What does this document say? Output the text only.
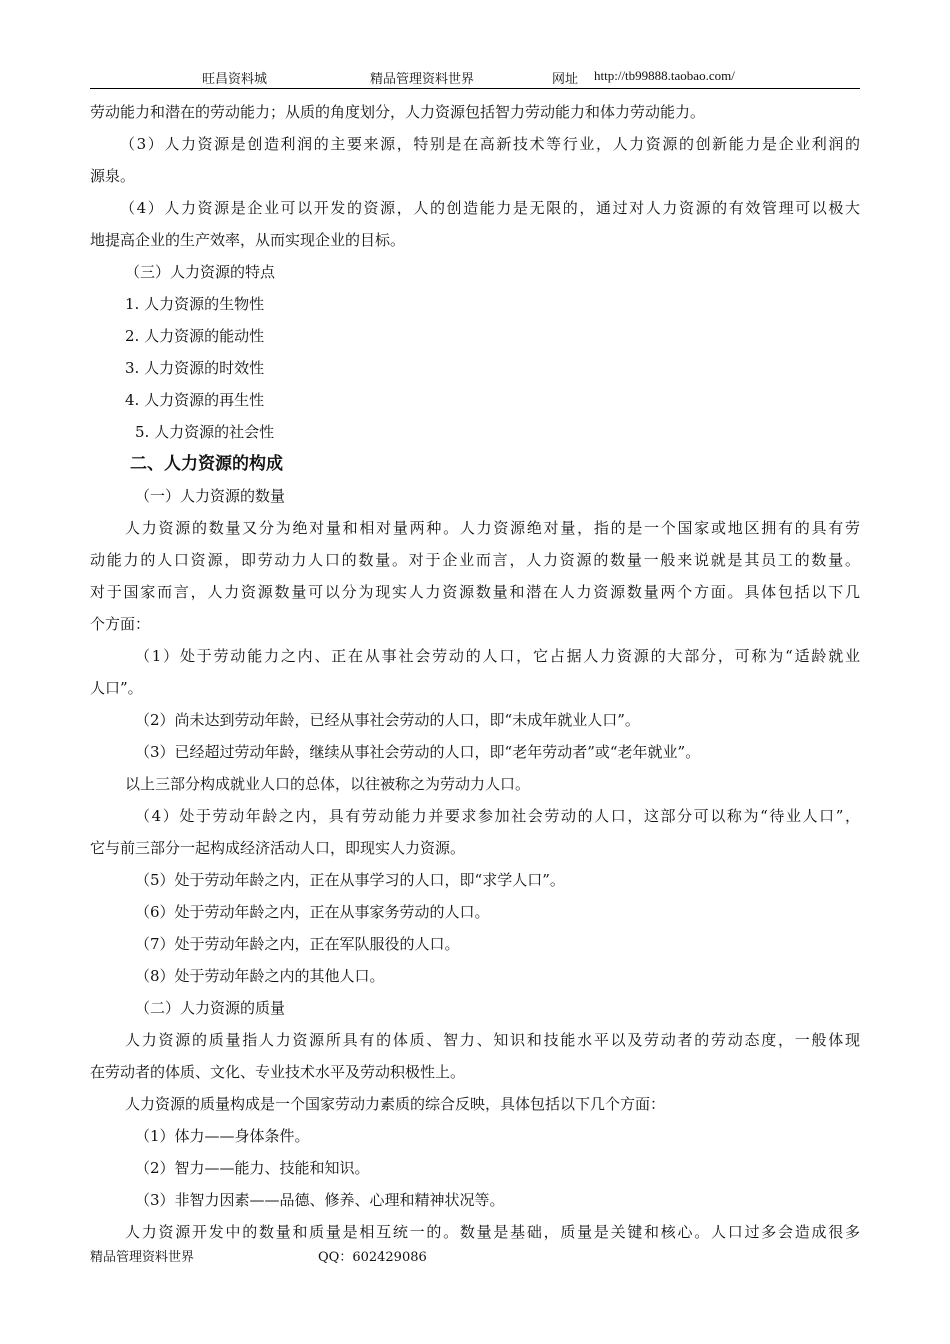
旺昌资料城	精品管理资料世界	网址 http://tb99888.taobao.com/
劳动能力和潜在的劳动能力；从质的角度划分，人力资源包括智力劳动能力和体力劳动能力。
（3）人力资源是创造利润的主要来源，特别是在高新技术等行业，人力资源的创新能力是企业利润的
源泉。
（4）人力资源是企业可以开发的资源，人的创造能力是无限的，通过对人力资源的有效管理可以极大
地提高企业的生产效率，从而实现企业的目标。
（三）人力资源的特点
1. 人力资源的生物性
2. 人力资源的能动性
3. 人力资源的时效性
4. 人力资源的再生性
5. 人力资源的社会性
二、人力资源的构成
（一）人力资源的数量
人力资源的数量又分为绝对量和相对量两种。人力资源绝对量，指的是一个国家或地区拥有的具有劳
动能力的人口资源，即劳动力人口的数量。对于企业而言，人力资源的数量一般来说就是其员工的数量。
对于国家而言，人力资源数量可以分为现实人力资源数量和潜在人力资源数量两个方面。具体包括以下几
个方面：
（1）处于劳动能力之内、正在从事社会劳动的人口，它占据人力资源的大部分，可称为“适龄就业
人口”。
（2）尚未达到劳动年龄，已经从事社会劳动的人口，即“未成年就业人口”。
（3）已经超过劳动年龄，继续从事社会劳动的人口，即“老年劳动者”或“老年就业”。
以上三部分构成就业人口的总体，以往被称之为劳动力人口。
（4）处于劳动年龄之内，具有劳动能力并要求参加社会劳动的人口，这部分可以称为“待业人口”，
它与前三部分一起构成经济活动人口，即现实人力资源。
（5）处于劳动年龄之内，正在从事学习的人口，即“求学人口”。
（6）处于劳动年龄之内，正在从事家务劳动的人口。
（7）处于劳动年龄之内，正在军队服役的人口。
（8）处于劳动年龄之内的其他人口。
（二）人力资源的质量
人力资源的质量指人力资源所具有的体质、智力、知识和技能水平以及劳动者的劳动态度，一般体现
在劳动者的体质、文化、专业技术水平及劳动积极性上。
人力资源的质量构成是一个国家劳动力素质的综合反映，具体包括以下几个方面：
（1）体力——身体条件。
（2）智力——能力、技能和知识。
（3）非智力因素——品德、修养、心理和精神状况等。
人力资源开发中的数量和质量是相互统一的。数量是基础，质量是关键和核心。人口过多会造成很多
精品管理资料世界	QQ：602429086
